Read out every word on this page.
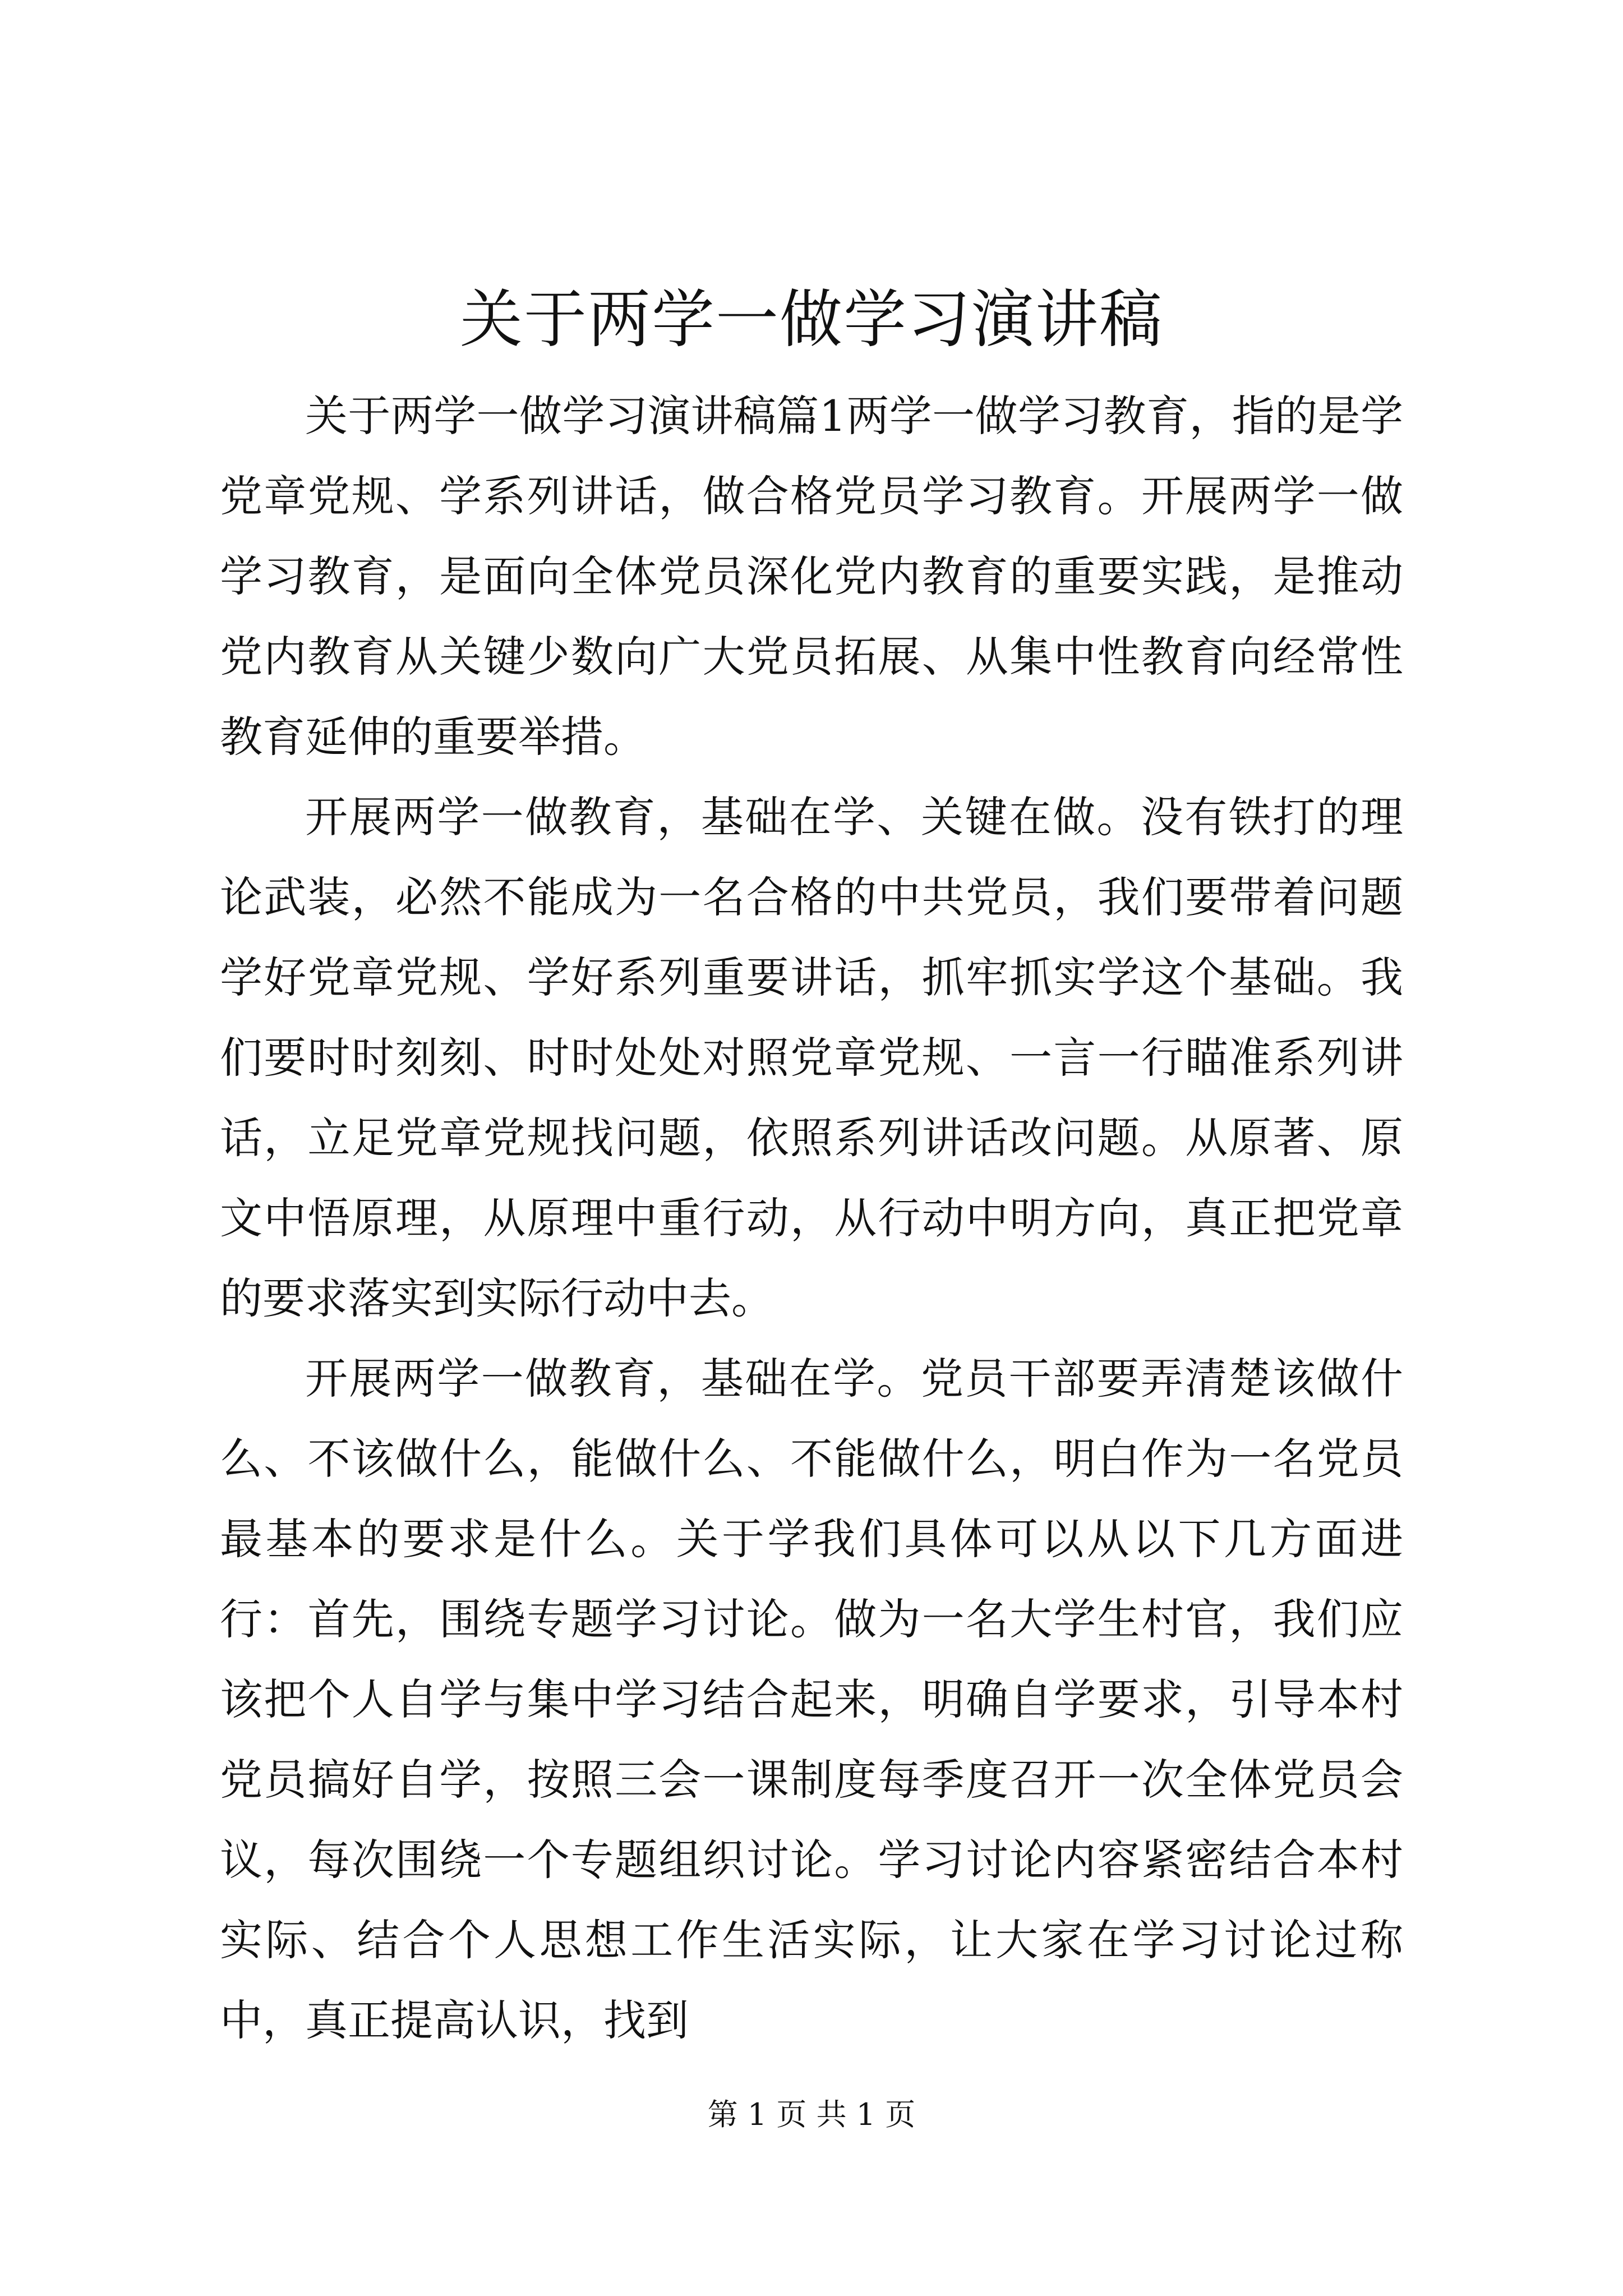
关于两学一做学习演讲稿

关于两学一做学习演讲稿篇1两学一做学习教育，指的是学党章党规、学系列讲话，做合格党员学习教育。开展两学一做学习教育，是面向全体党员深化党内教育的重要实践，是推动党内教育从关键少数向广大党员拓展、从集中性教育向经常性教育延伸的重要举措。

开展两学一做教育，基础在学、关键在做。没有铁打的理论武装，必然不能成为一名合格的中共党员，我们要带着问题学好党章党规、学好系列重要讲话，抓牢抓实学这个基础。我们要时时刻刻、时时处处对照党章党规、一言一行瞄准系列讲话，立足党章党规找问题，依照系列讲话改问题。从原著、原文中悟原理，从原理中重行动，从行动中明方向，真正把党章的要求落实到实际行动中去。

开展两学一做教育，基础在学。党员干部要弄清楚该做什么、不该做什么，能做什么、不能做什么，明白作为一名党员最基本的要求是什么。关于学我们具体可以从以下几方面进行：首先，围绕专题学习讨论。做为一名大学生村官，我们应该把个人自学与集中学习结合起来，明确自学要求，引导本村党员搞好自学，按照三会一课制度每季度召开一次全体党员会议，每次围绕一个专题组织讨论。学习讨论内容紧密结合本村实际、结合个人思想工作生活实际，让大家在学习讨论过称中，真正提高认识，找到

第 1 页 共 1 页
